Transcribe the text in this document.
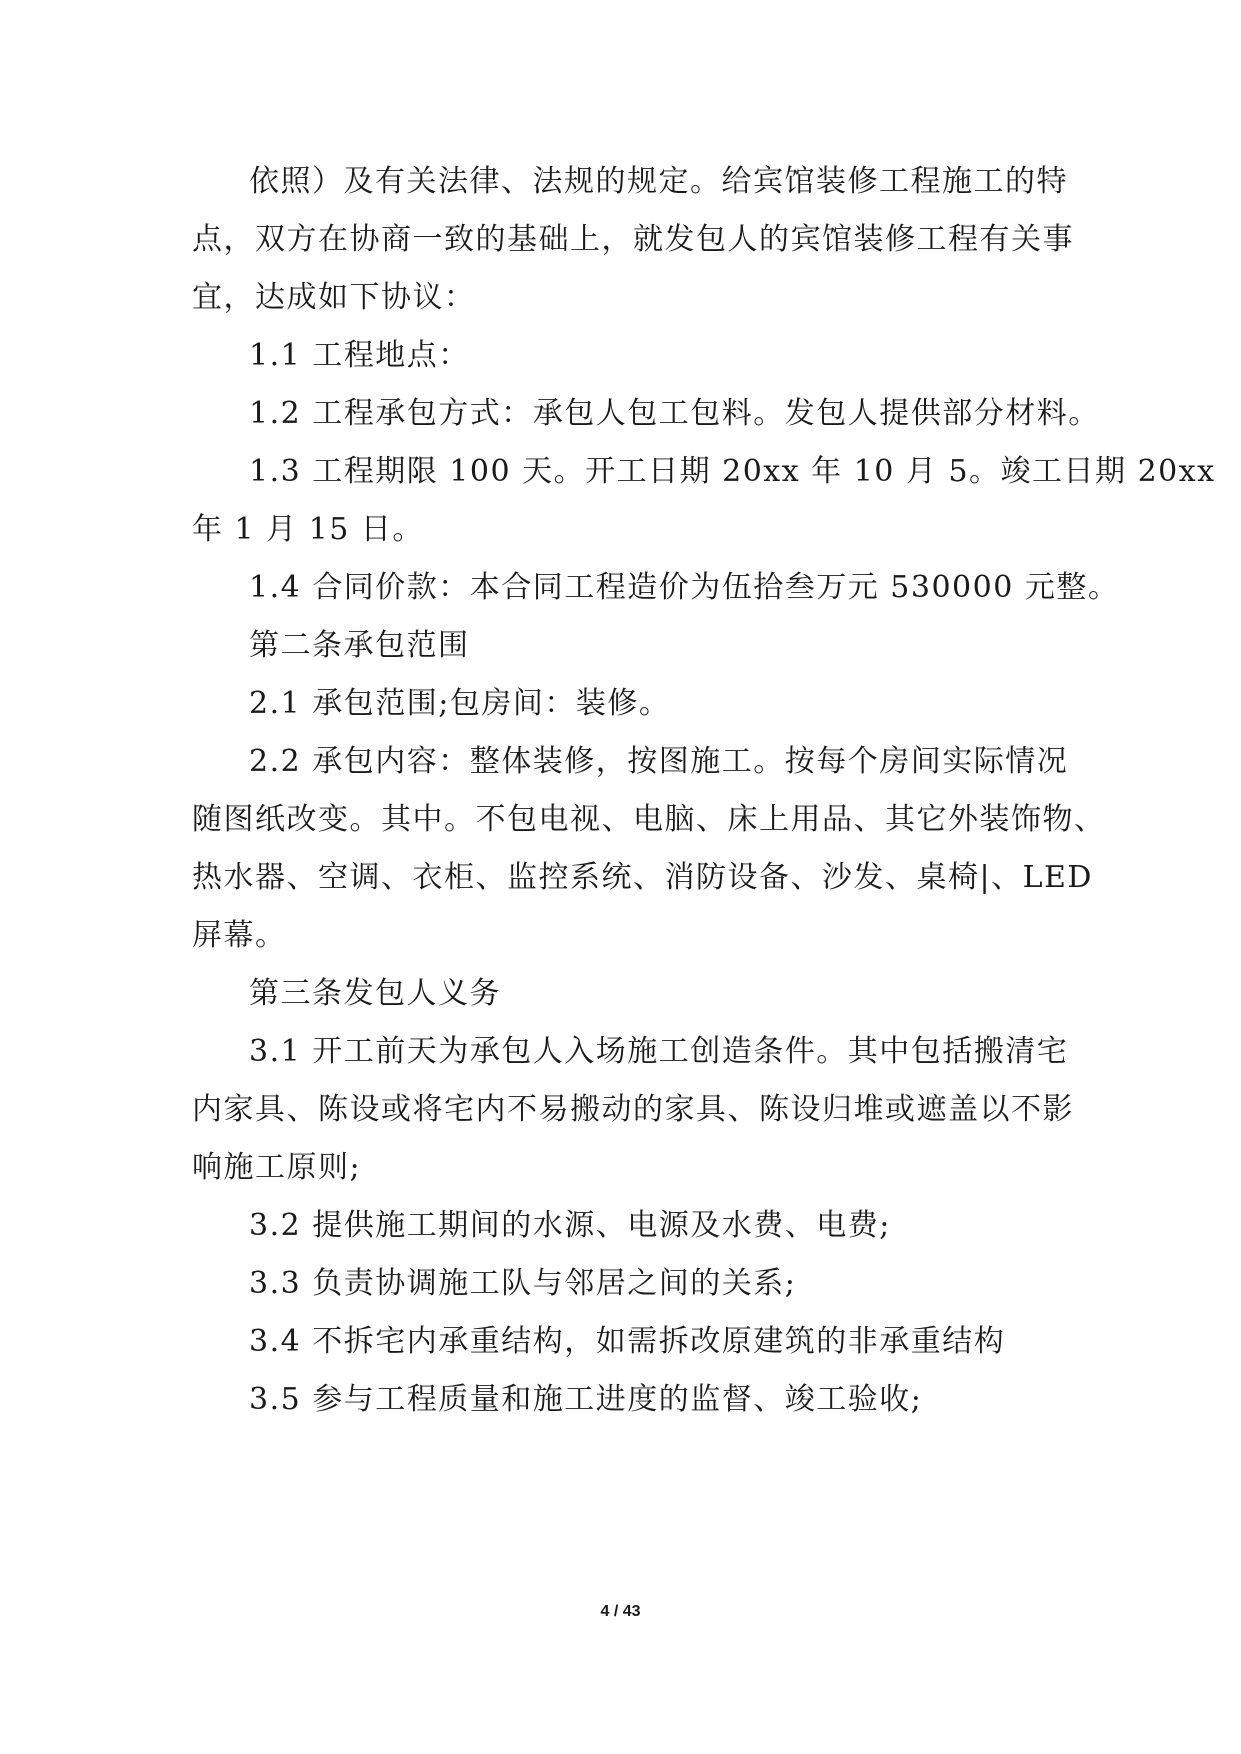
依照）及有关法律、法规的规定。给宾馆装修工程施工的特
点，双方在协商一致的基础上，就发包人的宾馆装修工程有关事
宜，达成如下协议：
1.1 工程地点：
1.2 工程承包方式：承包人包工包料。发包人提供部分材料。
1.3 工程期限 100 天。开工日期 20xx 年 10 月 5。竣工日期 20xx
年 1 月 15 日。
1.4 合同价款：本合同工程造价为伍拾叁万元 530000 元整。
第二条承包范围
2.1 承包范围;包房间：装修。
2.2 承包内容：整体装修，按图施工。按每个房间实际情况
随图纸改变。其中。不包电视、电脑、床上用品、其它外装饰物、
热水器、空调、衣柜、监控系统、消防设备、沙发、桌椅|、LED
屏幕。
第三条发包人义务
3.1 开工前天为承包人入场施工创造条件。其中包括搬清宅
内家具、陈设或将宅内不易搬动的家具、陈设归堆或遮盖以不影
响施工原则;
3.2 提供施工期间的水源、电源及水费、电费;
3.3 负责协调施工队与邻居之间的关系;
3.4 不拆宅内承重结构，如需拆改原建筑的非承重结构
3.5 参与工程质量和施工进度的监督、竣工验收;
4 / 43
